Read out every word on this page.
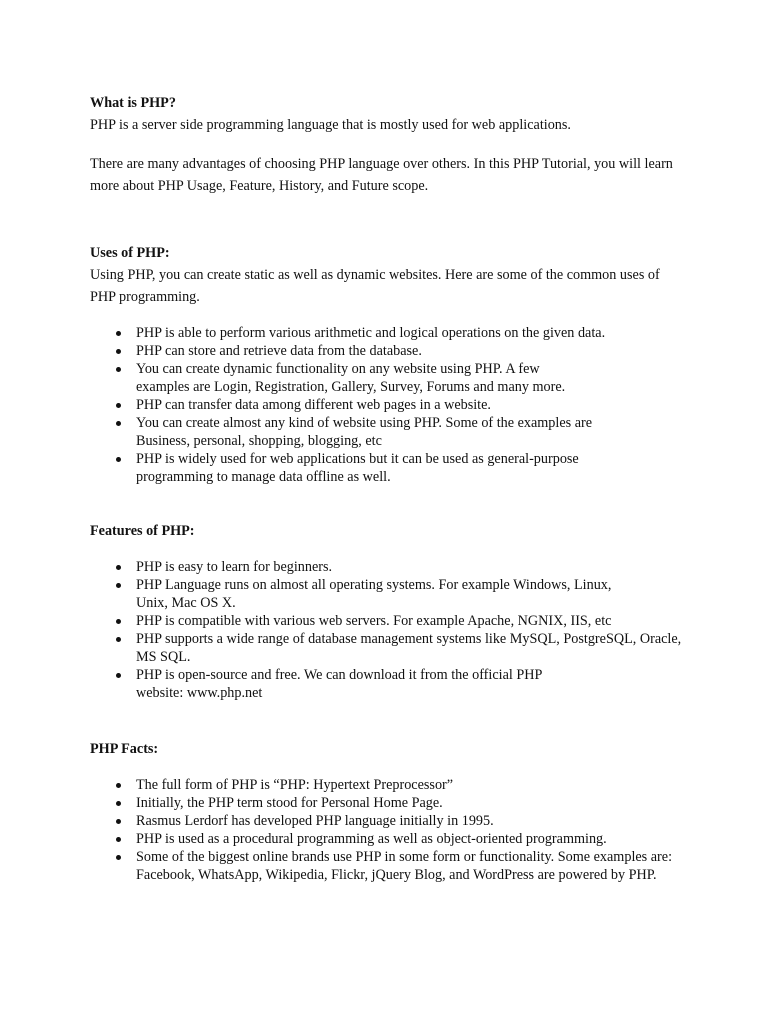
What is PHP?
PHP is a server side programming language that is mostly used for web applications.
There are many advantages of choosing PHP language over others. In this PHP Tutorial, you will learn more about PHP Usage, Feature, History, and Future scope.
Uses of PHP:
Using PHP, you can create static as well as dynamic websites. Here are some of the common uses of PHP programming.
PHP is able to perform various arithmetic and logical operations on the given data.
PHP can store and retrieve data from the database.
You can create dynamic functionality on any website using PHP. A few examples are Login, Registration, Gallery, Survey, Forums and many more.
PHP can transfer data among different web pages in a website.
You can create almost any kind of website using PHP. Some of the examples are Business, personal, shopping, blogging, etc
PHP is widely used for web applications but it can be used as general-purpose programming to manage data offline as well.
Features of PHP:
PHP is easy to learn for beginners.
PHP Language runs on almost all operating systems. For example Windows, Linux, Unix, Mac OS X.
PHP is compatible with various web servers. For example Apache, NGNIX, IIS, etc
PHP supports a wide range of database management systems like MySQL, PostgreSQL, Oracle, MS SQL.
PHP is open-source and free. We can download it from the official PHP website: www.php.net
PHP Facts:
The full form of PHP is “PHP: Hypertext Preprocessor”
Initially, the PHP term stood for Personal Home Page.
Rasmus Lerdorf has developed PHP language initially in 1995.
PHP is used as a procedural programming as well as object-oriented programming.
Some of the biggest online brands use PHP in some form or functionality. Some examples are: Facebook, WhatsApp, Wikipedia, Flickr, jQuery Blog, and WordPress are powered by PHP.
